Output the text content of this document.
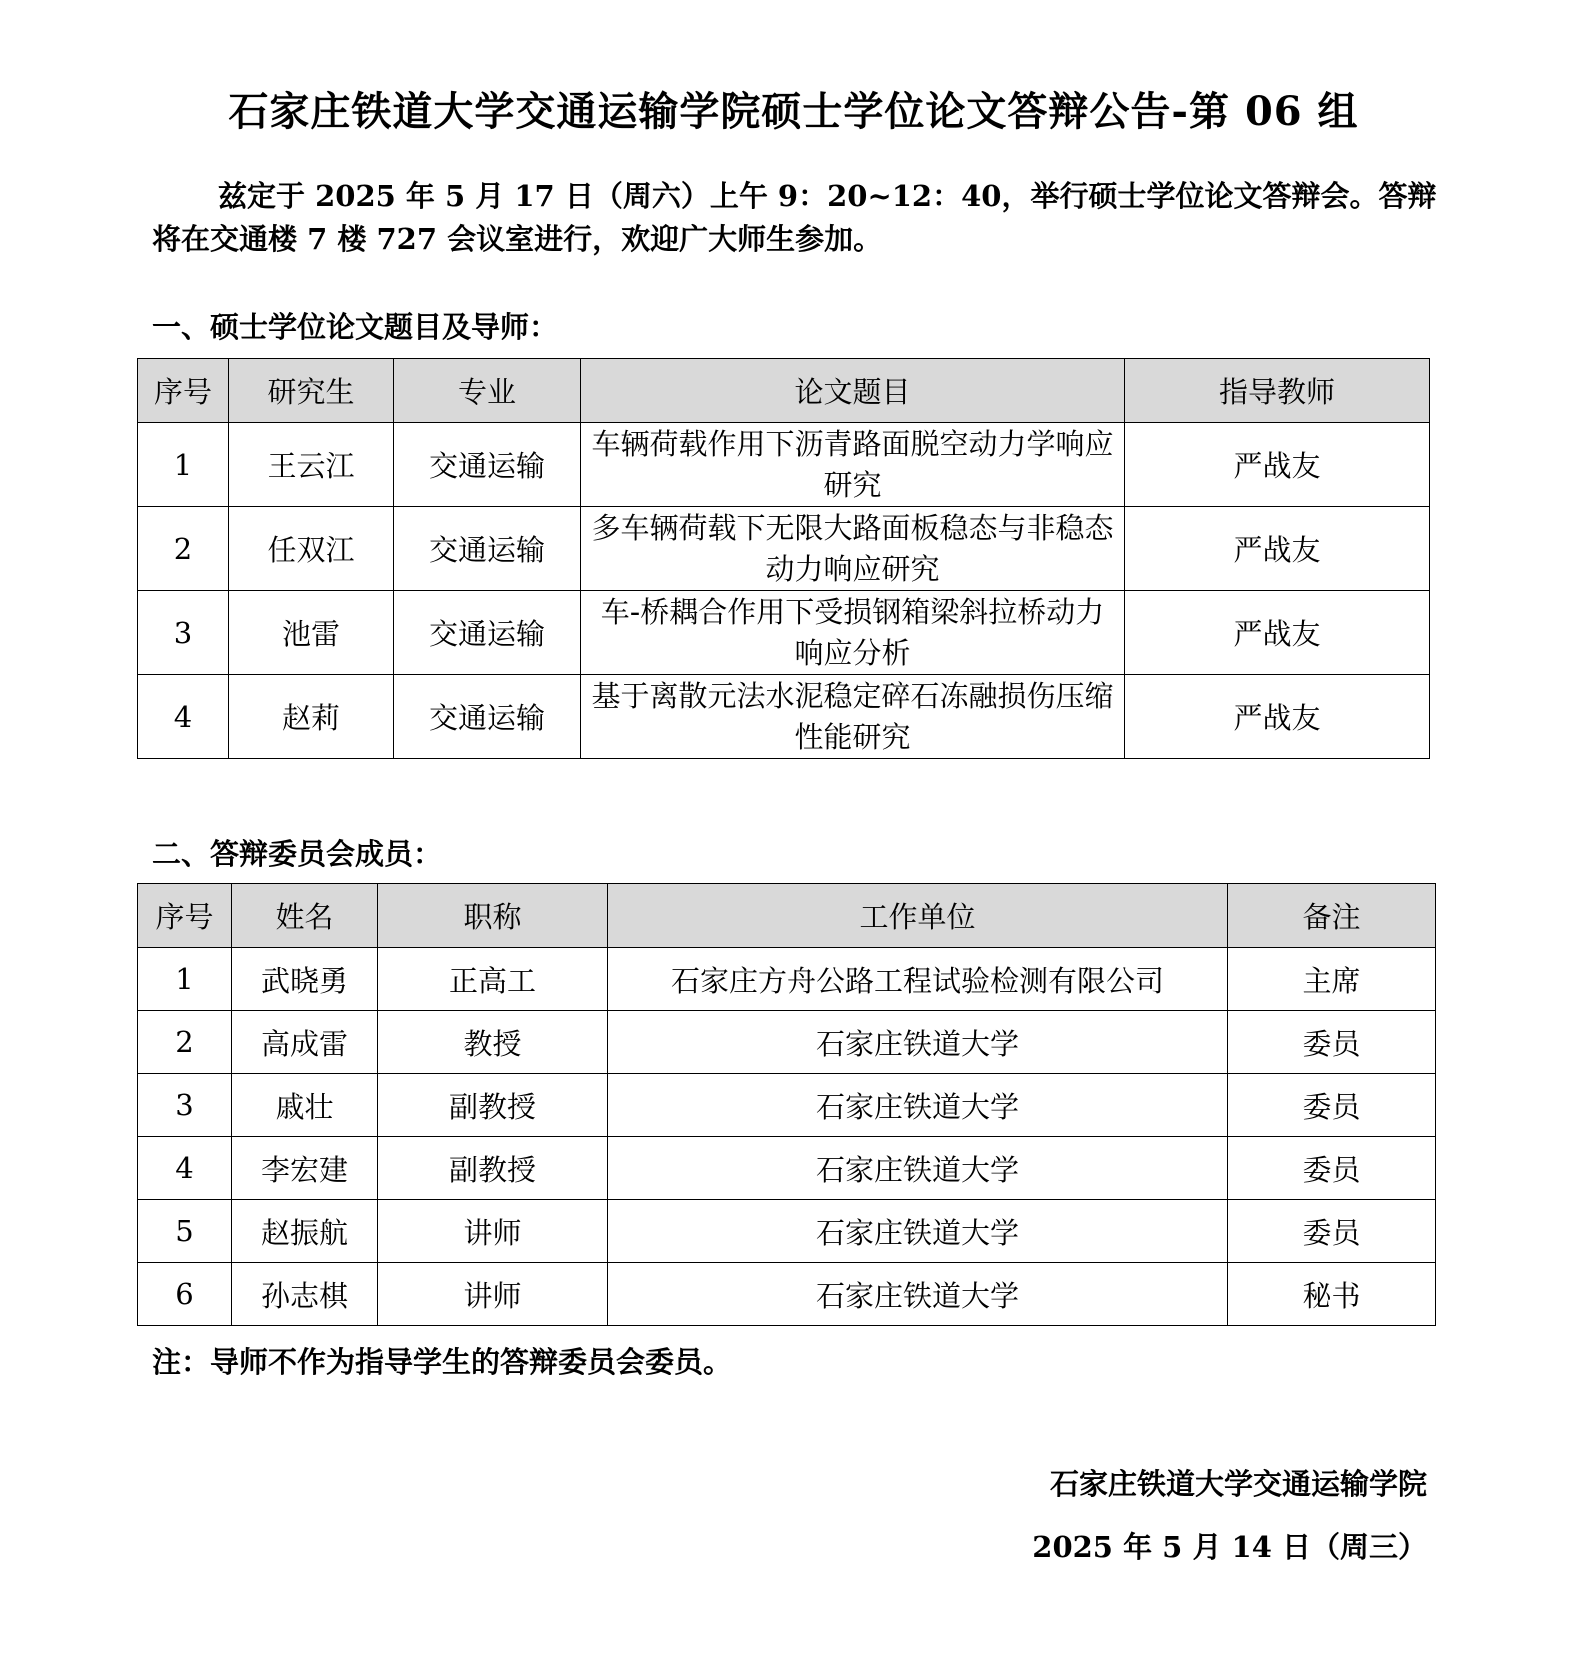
石家庄铁道大学交通运输学院硕士学位论文答辩公告-第 06 组
兹定于 2025 年 5 月 17 日（周六）上午 9：20~12：40，举行硕士学位论文答辩会。答辩将在交通楼 7 楼 727 会议室进行，欢迎广大师生参加。
一、硕士学位论文题目及导师：
序号	研究生	专业	论文题目	指导教师
1	王云江	交通运输	车辆荷载作用下沥青路面脱空动力学响应研究	严战友
2	任双江	交通运输	多车辆荷载下无限大路面板稳态与非稳态动力响应研究	严战友
3	池雷	交通运输	车-桥耦合作用下受损钢箱梁斜拉桥动力响应分析	严战友
4	赵莉	交通运输	基于离散元法水泥稳定碎石冻融损伤压缩性能研究	严战友
二、答辩委员会成员：
序号	姓名	职称	工作单位	备注
1	武晓勇	正高工	石家庄方舟公路工程试验检测有限公司	主席
2	高成雷	教授	石家庄铁道大学	委员
3	戚壮	副教授	石家庄铁道大学	委员
4	李宏建	副教授	石家庄铁道大学	委员
5	赵振航	讲师	石家庄铁道大学	委员
6	孙志棋	讲师	石家庄铁道大学	秘书
注：导师不作为指导学生的答辩委员会委员。
石家庄铁道大学交通运输学院
2025 年 5 月 14 日（周三）
